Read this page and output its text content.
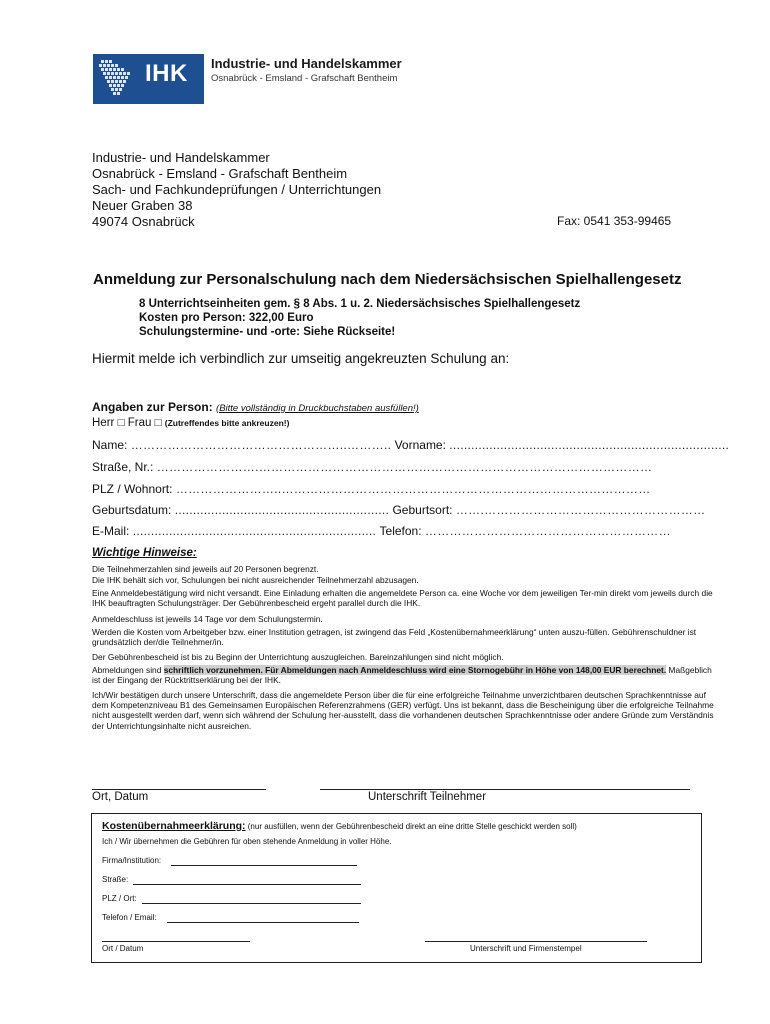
IHK Industrie- und Handelskammer
Osnabrück - Emsland - Grafschaft Bentheim
Industrie- und Handelskammer
Osnabrück - Emsland - Grafschaft Bentheim
Sach- und Fachkundeprüfungen / Unterrichtungen
Neuer Graben 38
49074 Osnabrück	Fax: 0541 353-99465
Anmeldung zur Personalschulung nach dem Niedersächsischen Spielhallengesetz
8 Unterrichtseinheiten gem. § 8 Abs. 1 u. 2. Niedersächsisches Spielhallengesetz
Kosten pro Person: 322,00 Euro
Schulungstermine- und -orte: Siehe Rückseite!
Hiermit melde ich verbindlich zur umseitig angekreuzten Schulung an:
Angaben zur Person: (Bitte vollständig in Druckbuchstaben ausfüllen!)
Herr □ Frau □ (Zutreffendes bitte ankreuzen!)
Name: ……………………………………………..……….. Vorname: .............................................................................
Straße, Nr.: …………………….……………………………………………………………………………………
PLZ / Wohnort: ……………………..………………………………………………………………………………
Geburtsdatum: ........................................................... Geburtsort: …….………………………………………………
E-Mail: ................................................................... Telefon: ……………………………………………………
Wichtige Hinweise:
Die Teilnehmerzahlen sind jeweils auf 20 Personen begrenzt.
Die IHK behält sich vor, Schulungen bei nicht ausreichender Teilnehmerzahl abzusagen.
Eine Anmeldebestätigung wird nicht versandt. Eine Einladung erhalten die angemeldete Person ca. eine Woche vor dem jeweiligen Ter-min direkt vom jeweils durch die IHK beauftragten Schulungsträger. Der Gebührenbescheid ergeht parallel durch die IHK.
Anmeldeschluss ist jeweils 14 Tage vor dem Schulungstermin.
Werden die Kosten vom Arbeitgeber bzw. einer Institution getragen, ist zwingend das Feld „Kostenübernahmeerklärung“ unten auszu-füllen. Gebührenschuldner ist grundsätzlich der/die Teilnehmer/in.
Der Gebührenbescheid ist bis zu Beginn der Unterrichtung auszugleichen. Bareinzahlungen sind nicht möglich.
Abmeldungen sind schriftlich vorzunehmen. Für Abmeldungen nach Anmeldeschluss wird eine Stornogebühr in Höhe von 148,00 EUR berechnet. Maßgeblich ist der Eingang der Rücktrittserklärung bei der IHK.
Ich/Wir bestätigen durch unsere Unterschrift, dass die angemeldete Person über die für eine erfolgreiche Teilnahme unverzichtbaren deutschen Sprachkenntnisse auf dem Kompetenzniveau B1 des Gemeinsamen Europäischen Referenzrahmens (GER) verfügt. Uns ist bekannt, dass die Bescheinigung über die erfolgreiche Teilnahme nicht ausgestellt werden darf, wenn sich während der Schulung her-ausstellt, dass die vorhandenen deutschen Sprachkenntnisse oder andere Gründe zum Verständnis der Unterrichtungsinhalte nicht ausreichen.
Ort, Datum	Unterschrift Teilnehmer
Kostenübernahmeerklärung: (nur ausfüllen, wenn der Gebührenbescheid direkt an eine dritte Stelle geschickt werden soll)
Ich / Wir übernehmen die Gebühren für oben stehende Anmeldung in voller Höhe.
Firma/Institution:
Straße:
PLZ / Ort:
Telefon / Email:
Ort / Datum	Unterschrift und Firmenstempel
